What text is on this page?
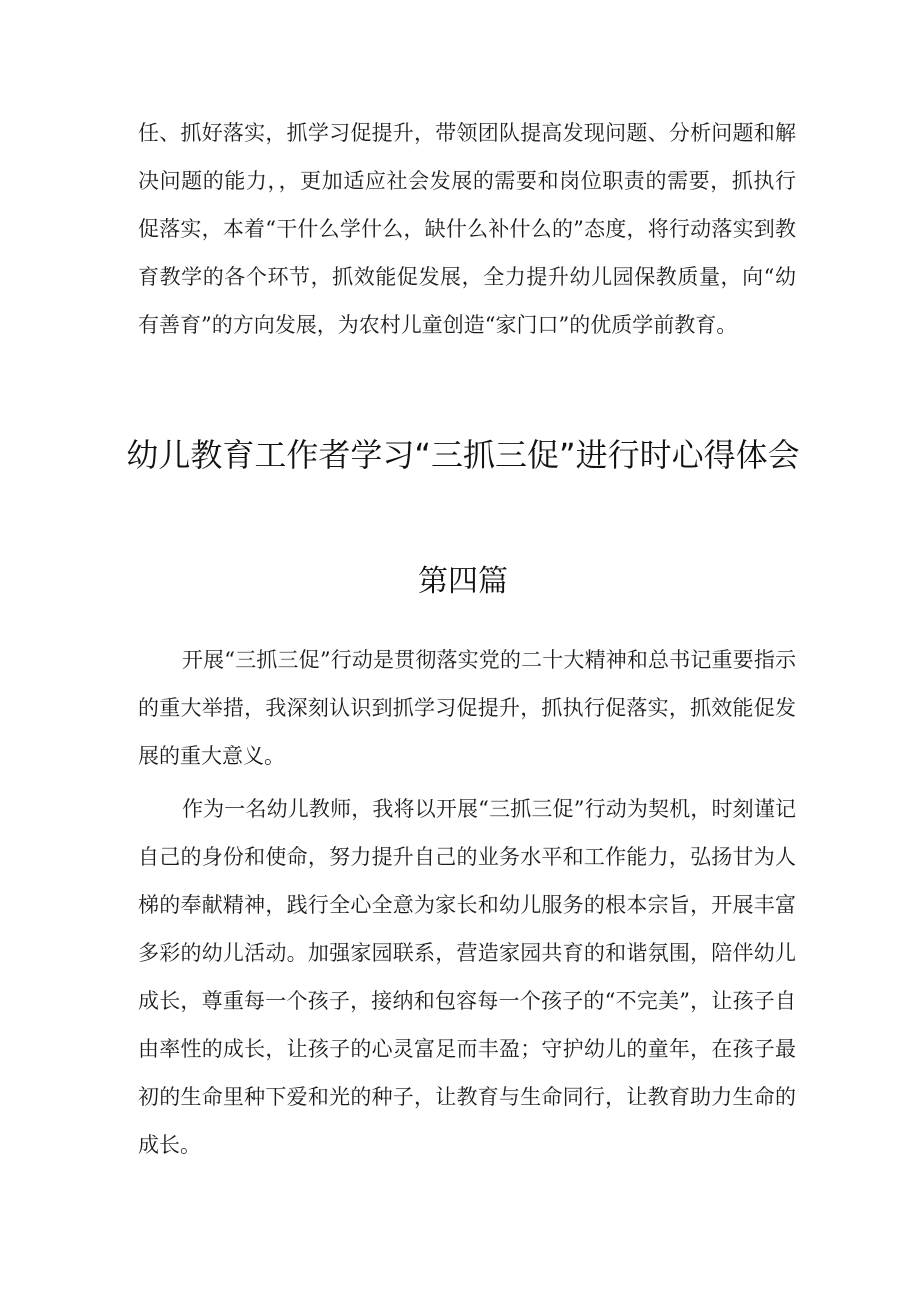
任、抓好落实，抓学习促提升，带领团队提高发现问题、分析问题和解决问题的能力，，更加适应社会发展的需要和岗位职责的需要，抓执行促落实，本着“干什么学什么，缺什么补什么的”态度，将行动落实到教育教学的各个环节，抓效能促发展，全力提升幼儿园保教质量，向“幼有善育”的方向发展，为农村儿童创造“家门口”的优质学前教育。

幼儿教育工作者学习“三抓三促”进行时心得体会
第四篇

开展“三抓三促”行动是贯彻落实党的二十大精神和总书记重要指示的重大举措，我深刻认识到抓学习促提升，抓执行促落实，抓效能促发展的重大意义。

作为一名幼儿教师，我将以开展“三抓三促”行动为契机，时刻谨记自己的身份和使命，努力提升自己的业务水平和工作能力，弘扬甘为人梯的奉献精神，践行全心全意为家长和幼儿服务的根本宗旨，开展丰富多彩的幼儿活动。加强家园联系，营造家园共育的和谐氛围，陪伴幼儿成长，尊重每一个孩子，接纳和包容每一个孩子的“不完美”，让孩子自由率性的成长，让孩子的心灵富足而丰盈；守护幼儿的童年，在孩子最初的生命里种下爱和光的种子，让教育与生命同行，让教育助力生命的成长。
